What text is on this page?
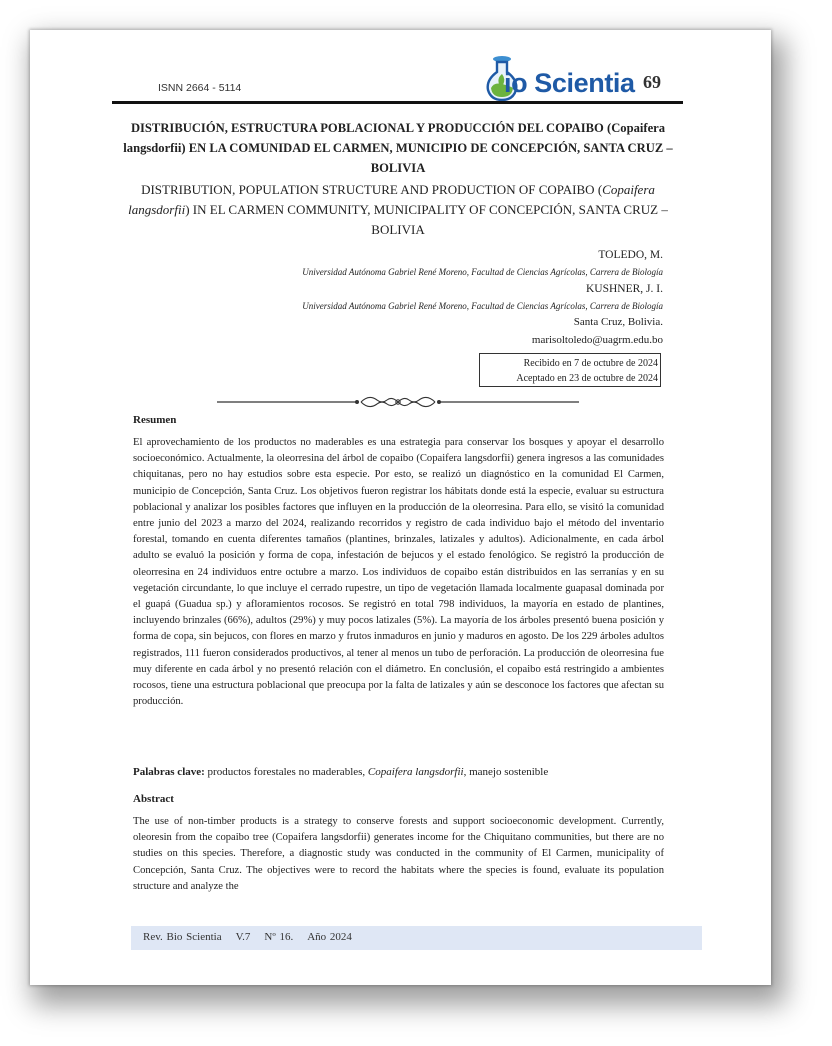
ISNN 2664 - 5114	io Scientia 69
DISTRIBUCIÓN, ESTRUCTURA POBLACIONAL Y PRODUCCIÓN DEL COPAIBO (Copaifera langsdorfii) EN LA COMUNIDAD EL CARMEN, MUNICIPIO DE CONCEPCIÓN, SANTA CRUZ – BOLIVIA
DISTRIBUTION, POPULATION STRUCTURE AND PRODUCTION OF COPAIBO (Copaifera langsdorfii) IN EL CARMEN COMMUNITY, MUNICIPALITY OF CONCEPCIÓN, SANTA CRUZ – BOLIVIA
TOLEDO, M.
Universidad Autónoma Gabriel René Moreno, Facultad de Ciencias Agrícolas, Carrera de Biología
KUSHNER, J. I.
Universidad Autónoma Gabriel René Moreno, Facultad de Ciencias Agrícolas, Carrera de Biología
Santa Cruz, Bolivia.
marisoltoledo@uagrm.edu.bo
Recibido en 7 de octubre de 2024
Aceptado en 23 de octubre de 2024
Resumen

El aprovechamiento de los productos no maderables es una estrategia para conservar los bosques y apoyar el desarrollo socioeconómico. Actualmente, la oleorresina del árbol de copaibo (Copaifera langsdorfii) genera ingresos a las comunidades chiquitanas, pero no hay estudios sobre esta especie. Por esto, se realizó un diagnóstico en la comunidad El Carmen, municipio de Concepción, Santa Cruz. Los objetivos fueron registrar los hábitats donde está la especie, evaluar su estructura poblacional y analizar los posibles factores que influyen en la producción de la oleorresina. Para ello, se visitó la comunidad entre junio del 2023 a marzo del 2024, realizando recorridos y registro de cada individuo bajo el método del inventario forestal, tomando en cuenta diferentes tamaños (plantines, brinzales, latizales y adultos). Adicionalmente, en cada árbol adulto se evaluó la posición y forma de copa, infestación de bejucos y el estado fenológico. Se registró la producción de oleorresina en 24 individuos entre octubre a marzo. Los individuos de copaibo están distribuidos en las serranías y en su vegetación circundante, lo que incluye el cerrado rupestre, un tipo de vegetación llamada localmente guapasal dominada por el guapá (Guadua sp.) y afloramientos rocosos. Se registró en total 798 individuos, la mayoría en estado de plantines, incluyendo brinzales (66%), adultos (29%) y muy pocos latizales (5%). La mayoría de los árboles presentó buena posición y forma de copa, sin bejucos, con flores en marzo y frutos inmaduros en junio y maduros en agosto. De los 229 árboles adultos registrados, 111 fueron considerados productivos, al tener al menos un tubo de perforación. La producción de oleorresina fue muy diferente en cada árbol y no presentó relación con el diámetro. En conclusión, el copaibo está restringido a ambientes rocosos, tiene una estructura poblacional que preocupa por la falta de latizales y aún se desconoce los factores que afectan su producción.

Palabras clave: productos forestales no maderables, Copaifera langsdorfii, manejo sostenible
Abstract

The use of non-timber products is a strategy to conserve forests and support socioeconomic development. Currently, oleoresin from the copaibo tree (Copaifera langsdorfii) generates income for the Chiquitano communities, but there are no studies on this species. Therefore, a diagnostic study was conducted in the community of El Carmen, municipality of Concepción, Santa Cruz. The objectives were to record the habitats where the species is found, evaluate its population structure and analyze the

Rev. Bio Scientia V.7 Nº 16. Año 2024
